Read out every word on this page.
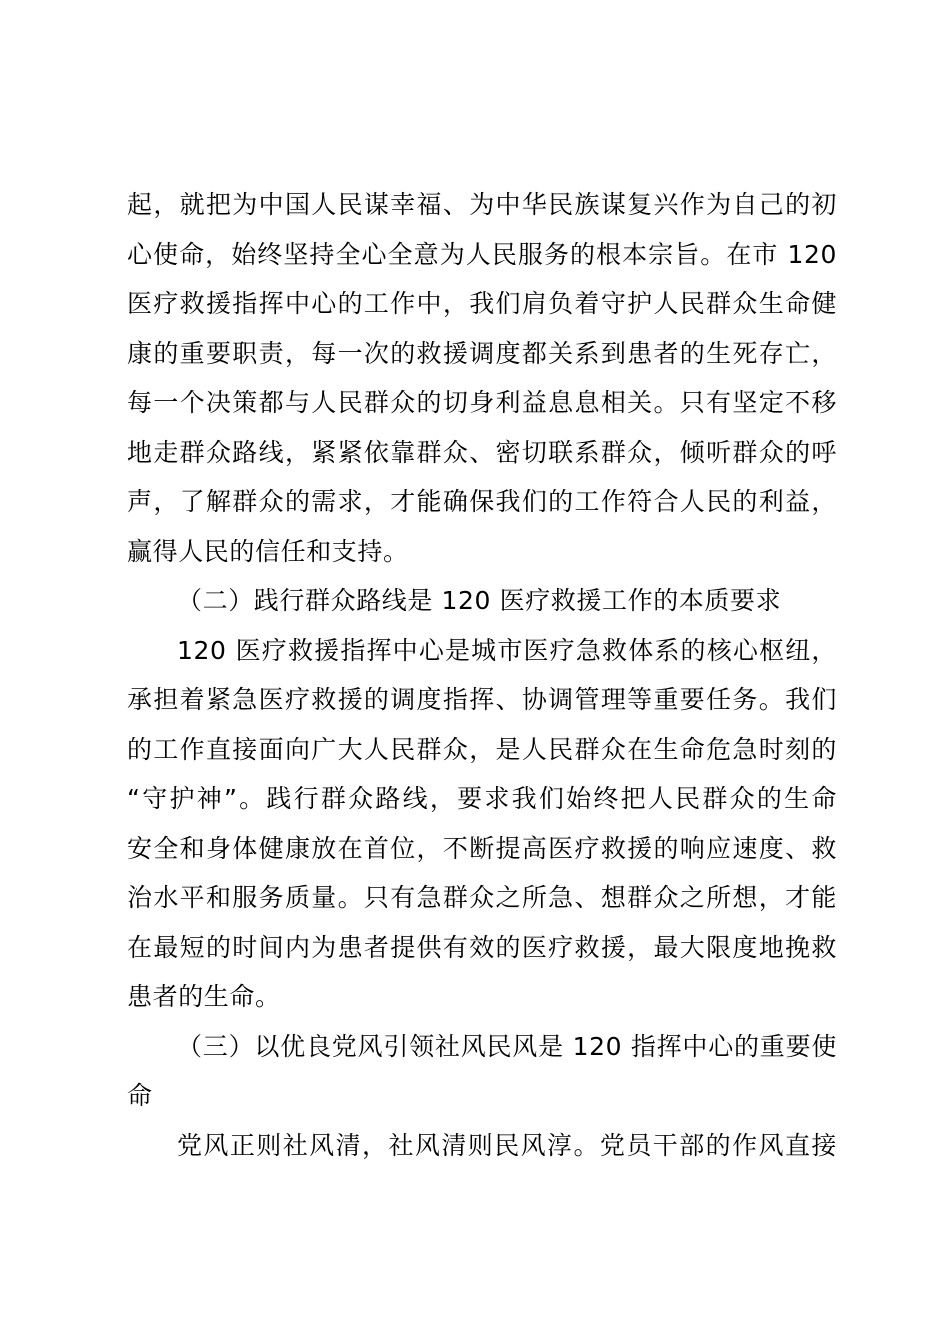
起，就把为中国人民谋幸福、为中华民族谋复兴作为自己的初
心使命，始终坚持全心全意为人民服务的根本宗旨。在市 120
医疗救援指挥中心的工作中，我们肩负着守护人民群众生命健
康的重要职责，每一次的救援调度都关系到患者的生死存亡，
每一个决策都与人民群众的切身利益息息相关。只有坚定不移
地走群众路线，紧紧依靠群众、密切联系群众，倾听群众的呼
声，了解群众的需求，才能确保我们的工作符合人民的利益，
赢得人民的信任和支持。
（二）践行群众路线是 120 医疗救援工作的本质要求
120 医疗救援指挥中心是城市医疗急救体系的核心枢纽，
承担着紧急医疗救援的调度指挥、协调管理等重要任务。我们
的工作直接面向广大人民群众，是人民群众在生命危急时刻的
“守护神”。践行群众路线，要求我们始终把人民群众的生命
安全和身体健康放在首位，不断提高医疗救援的响应速度、救
治水平和服务质量。只有急群众之所急、想群众之所想，才能
在最短的时间内为患者提供有效的医疗救援，最大限度地挽救
患者的生命。
（三）以优良党风引领社风民风是 120 指挥中心的重要使
命
党风正则社风清，社风清则民风淳。党员干部的作风直接
